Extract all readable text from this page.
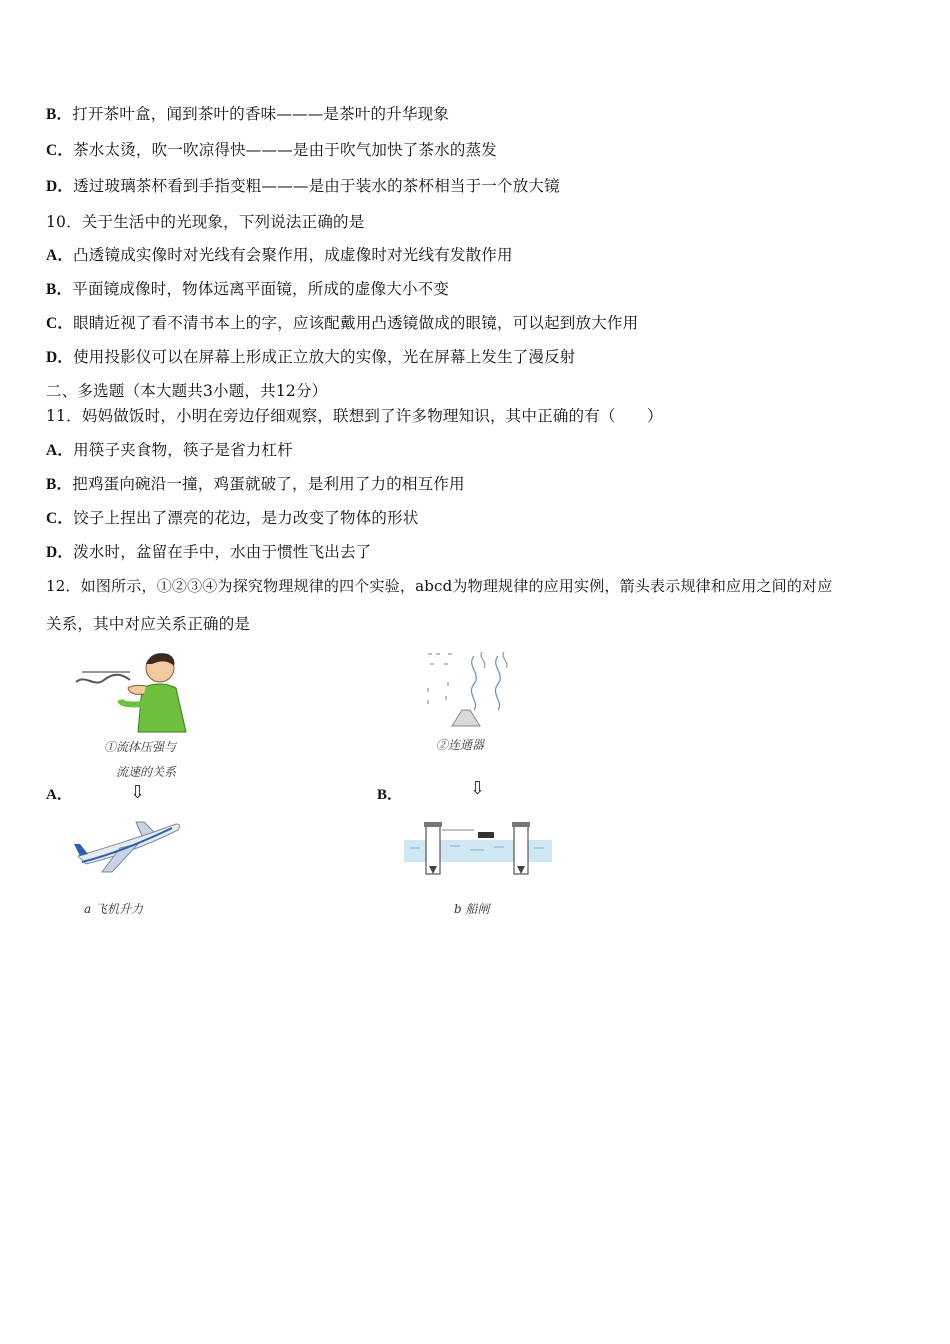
B．打开茶叶盒，闻到茶叶的香味———是茶叶的升华现象
C．茶水太烫，吹一吹凉得快———是由于吹气加快了茶水的蒸发
D．透过玻璃茶杯看到手指变粗———是由于装水的茶杯相当于一个放大镜
10．关于生活中的光现象，下列说法正确的是
A．凸透镜成实像时对光线有会聚作用，成虚像时对光线有发散作用
B．平面镜成像时，物体远离平面镜，所成的虚像大小不变
C．眼睛近视了看不清书本上的字，应该配戴用凸透镜做成的眼镜，可以起到放大作用
D．使用投影仪可以在屏幕上形成正立放大的实像，光在屏幕上发生了漫反射
二、多选题（本大题共3小题，共12分）
11．妈妈做饭时，小明在旁边仔细观察，联想到了许多物理知识，其中正确的有（　　）
A．用筷子夹食物，筷子是省力杠杆
B．把鸡蛋向碗沿一撞，鸡蛋就破了，是利用了力的相互作用
C．饺子上捏出了漂亮的花边，是力改变了物体的形状
D．泼水时，盆留在手中，水由于惯性飞出去了
12．如图所示，①②③④为探究物理规律的四个实验，abcd为物理规律的应用实例，箭头表示规律和应用之间的对应
关系，其中对应关系正确的是
①流体压强与
流速的关系
②连通器
A．	⇩	B．	⇩
a 飞机升力	b 船闸
